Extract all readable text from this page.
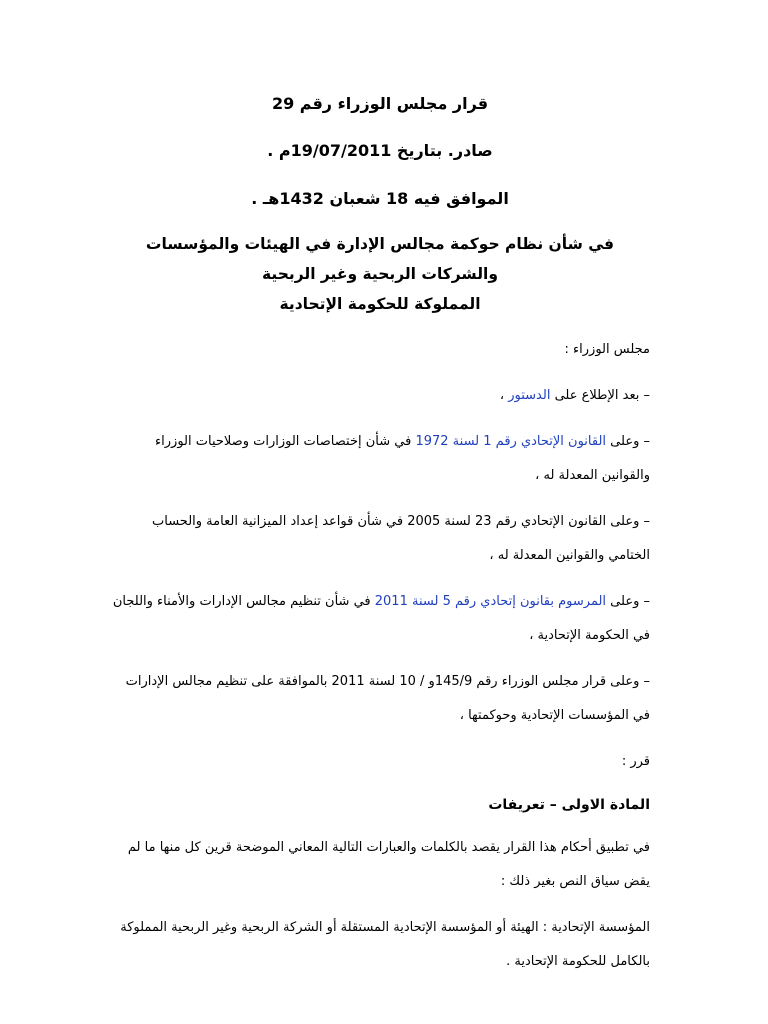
قرار مجلس الوزراء رقم 29
صادر. بتاريخ 19/07/2011م .
الموافق فيه 18 شعبان 1432هـ .
في شأن نظام حوكمة مجالس الإدارة في الهيئات والمؤسسات والشركات الربحية وغير الربحية
المملوكة للحكومة الإتحادية
مجلس الوزراء :
– بعد الإطلاع على الدستور ،
– وعلى القانون الإتحادي رقم 1 لسنة 1972 في شأن إختصاصات الوزارات وصلاحيات الوزراء والقوانين المعدلة له ،
– وعلى القانون الإتحادي رقم 23 لسنة 2005 في شأن قواعد إعداد الميزانية العامة والحساب الختامي والقوانين المعدلة له ،
– وعلى المرسوم بقانون إتحادي رقم 5 لسنة 2011 في شأن تنظيم مجالس الإدارات والأمناء واللجان في الحكومة الإتحادية ،
– وعلى قرار مجلس الوزراء رقم 145/9و / 10 لسنة 2011 بالموافقة على تنظيم مجالس الإدارات في المؤسسات الإتحادية وحوكمتها ،
قرر :
المادة الاولى – تعريفات
في تطبيق أحكام هذا القرار يقصد بالكلمات والعبارات التالية المعاني الموضحة قرين كل منها ما لم يقض سياق النص بغير ذلك :
المؤسسة الإتحادية : الهيئة أو المؤسسة الإتحادية المستقلة أو الشركة الربحية وغير الربحية المملوكة بالكامل للحكومة الإتحادية .
